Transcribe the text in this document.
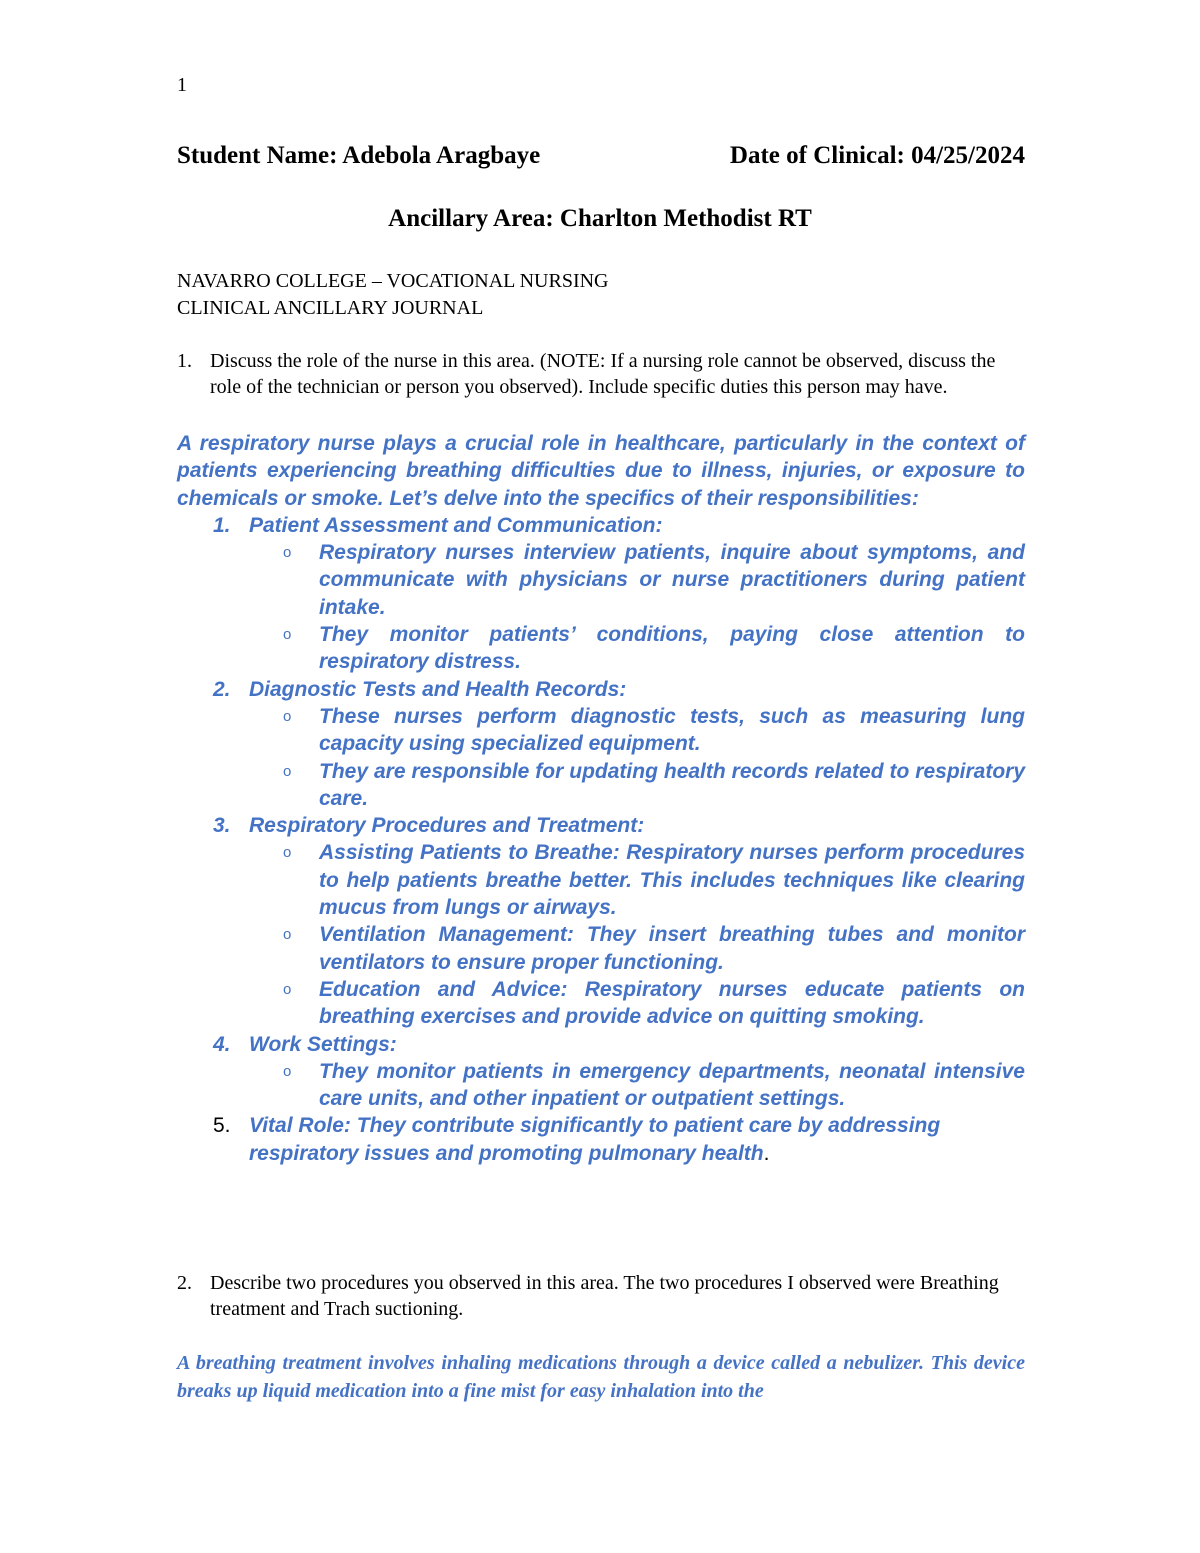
1
Student Name: Adebola Aragbaye	Date of Clinical: 04/25/2024
Ancillary Area: Charlton Methodist RT
NAVARRO COLLEGE – VOCATIONAL NURSING
CLINICAL ANCILLARY JOURNAL
1. Discuss the role of the nurse in this area. (NOTE: If a nursing role cannot be observed, discuss the role of the technician or person you observed). Include specific duties this person may have.
A respiratory nurse plays a crucial role in healthcare, particularly in the context of patients experiencing breathing difficulties due to illness, injuries, or exposure to chemicals or smoke. Let’s delve into the specifics of their responsibilities:
1. Patient Assessment and Communication:
o	Respiratory nurses interview patients, inquire about symptoms, and communicate with physicians or nurse practitioners during patient intake.
o	They monitor patients’ conditions, paying close attention to respiratory distress.
2. Diagnostic Tests and Health Records:
o	These nurses perform diagnostic tests, such as measuring lung capacity using specialized equipment.
o	They are responsible for updating health records related to respiratory care.
3. Respiratory Procedures and Treatment:
o	Assisting Patients to Breathe: Respiratory nurses perform procedures to help patients breathe better. This includes techniques like clearing mucus from lungs or airways.
o	Ventilation Management: They insert breathing tubes and monitor ventilators to ensure proper functioning.
o	Education and Advice: Respiratory nurses educate patients on breathing exercises and provide advice on quitting smoking.
4. Work Settings:
o	They monitor patients in emergency departments, neonatal intensive care units, and other inpatient or outpatient settings.
5. Vital Role: They contribute significantly to patient care by addressing respiratory issues and promoting pulmonary health.
2. Describe two procedures you observed in this area. The two procedures I observed were Breathing treatment and Trach suctioning.
A breathing treatment involves inhaling medications through a device called a nebulizer. This device breaks up liquid medication into a fine mist for easy inhalation into the
